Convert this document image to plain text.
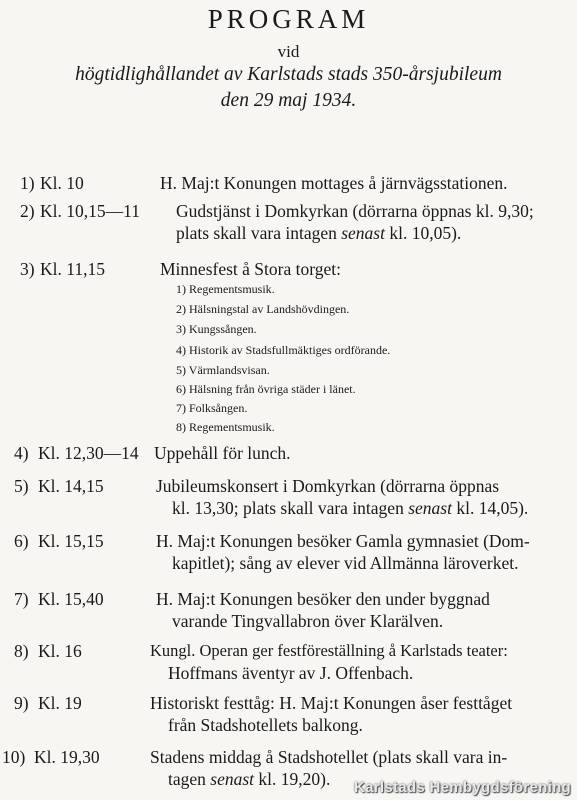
PROGRAM
vid
högtidlighållandet av Karlstads stads 350-årsjubileum
den 29 maj 1934.
1) Kl. 10	H. Maj:t Konungen mottages å järnvägsstationen.
2) Kl. 10,15—11 Gudstjänst i Domkyrkan (dörrarna öppnas kl. 9,30;
plats skall vara intagen senast kl. 10,05).
3) Kl. 11,15	Minnesfest å Stora torget:
1) Regementsmusik.
2) Hälsningstal av Landshövdingen.
3) Kungssången.
4) Historik av Stadsfullmäktiges ordförande.
5) Värmlandsvisan.
6) Hälsning från övriga städer i länet.
7) Folksången.
8) Regementsmusik.
4) Kl. 12,30—14 Uppehåll för lunch.
5) Kl. 14,15	Jubileumskonsert i Domkyrkan (dörrarna öppnas
kl. 13,30; plats skall vara intagen senast kl. 14,05).
6) Kl. 15,15	H. Maj:t Konungen besöker Gamla gymnasiet (Dom-
kapitlet); sång av elever vid Allmänna läroverket.
7) Kl. 15,40	H. Maj:t Konungen besöker den under byggnad
varande Tingvallabron över Klarälven.
8) Kl. 16	Kungl. Operan ger festföreställning å Karlstads teater:
Hoffmans äventyr av J. Offenbach.
9) Kl. 19	Historiskt festtåg: H. Maj:t Konungen åser festtåget
från Stadshotellets balkong.
10) Kl. 19,30	Stadens middag å Stadshotellet (plats skall vara in-
tagen senast kl. 19,20). Karlstads Hembygdsförening
